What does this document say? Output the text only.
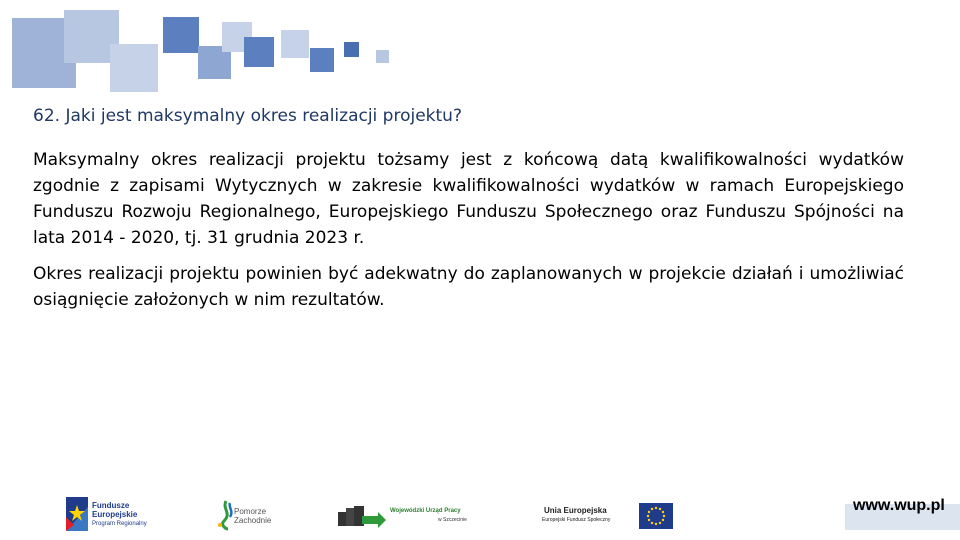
62. Jaki jest maksymalny okres realizacji projektu?
Maksymalny okres realizacji projektu tożsamy jest z końcową datą kwalifikowalności wydatków zgodnie z zapisami Wytycznych w zakresie kwalifikowalności wydatków w ramach Europejskiego Funduszu Rozwoju Regionalnego, Europejskiego Funduszu Społecznego oraz Funduszu Spójności na lata 2014 - 2020, tj. 31 grudnia 2023 r.
Okres realizacji projektu powinien być adekwatny do zaplanowanych w projekcie działań i umożliwiać osiągnięcie założonych w nim rezultatów.
Fundusze
Europejskie
Program Regionalny
Pomorze
Zachodnie
Wojewódzki Urząd Pracy
w Szczecinie
Unia Europejska
Europejski Fundusz Społeczny
www.wup.pl
